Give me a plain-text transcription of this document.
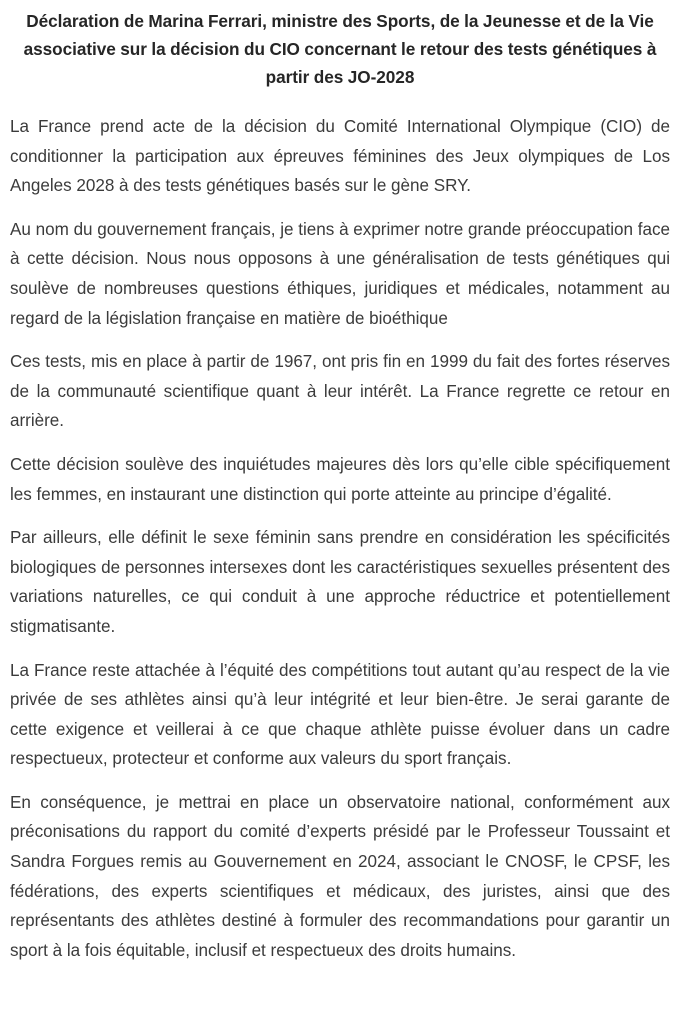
Déclaration de Marina Ferrari, ministre des Sports, de la Jeunesse et de la Vie associative sur la décision du CIO concernant le retour des tests génétiques à partir des JO-2028

La France prend acte de la décision du Comité International Olympique (CIO) de conditionner la participation aux épreuves féminines des Jeux olympiques de Los Angeles 2028 à des tests génétiques basés sur le gène SRY.

Au nom du gouvernement français, je tiens à exprimer notre grande préoccupation face à cette décision. Nous nous opposons à une généralisation de tests génétiques qui soulève de nombreuses questions éthiques, juridiques et médicales, notamment au regard de la législation française en matière de bioéthique

Ces tests, mis en place à partir de 1967, ont pris fin en 1999 du fait des fortes réserves de la communauté scientifique quant à leur intérêt. La France regrette ce retour en arrière.

Cette décision soulève des inquiétudes majeures dès lors qu’elle cible spécifiquement les femmes, en instaurant une distinction qui porte atteinte au principe d’égalité.

Par ailleurs, elle définit le sexe féminin sans prendre en considération les spécificités biologiques de personnes intersexes dont les caractéristiques sexuelles présentent des variations naturelles, ce qui conduit à une approche réductrice et potentiellement stigmatisante.

La France reste attachée à l’équité des compétitions tout autant qu’au respect de la vie privée de ses athlètes ainsi qu’à leur intégrité et leur bien-être. Je serai garante de cette exigence et veillerai à ce que chaque athlète puisse évoluer dans un cadre respectueux, protecteur et conforme aux valeurs du sport français.

En conséquence, je mettrai en place un observatoire national, conformément aux préconisations du rapport du comité d’experts présidé par le Professeur Toussaint et Sandra Forgues remis au Gouvernement en 2024, associant le CNOSF, le CPSF, les fédérations, des experts scientifiques et médicaux, des juristes, ainsi que des représentants des athlètes destiné à formuler des recommandations pour garantir un sport à la fois équitable, inclusif et respectueux des droits humains.
